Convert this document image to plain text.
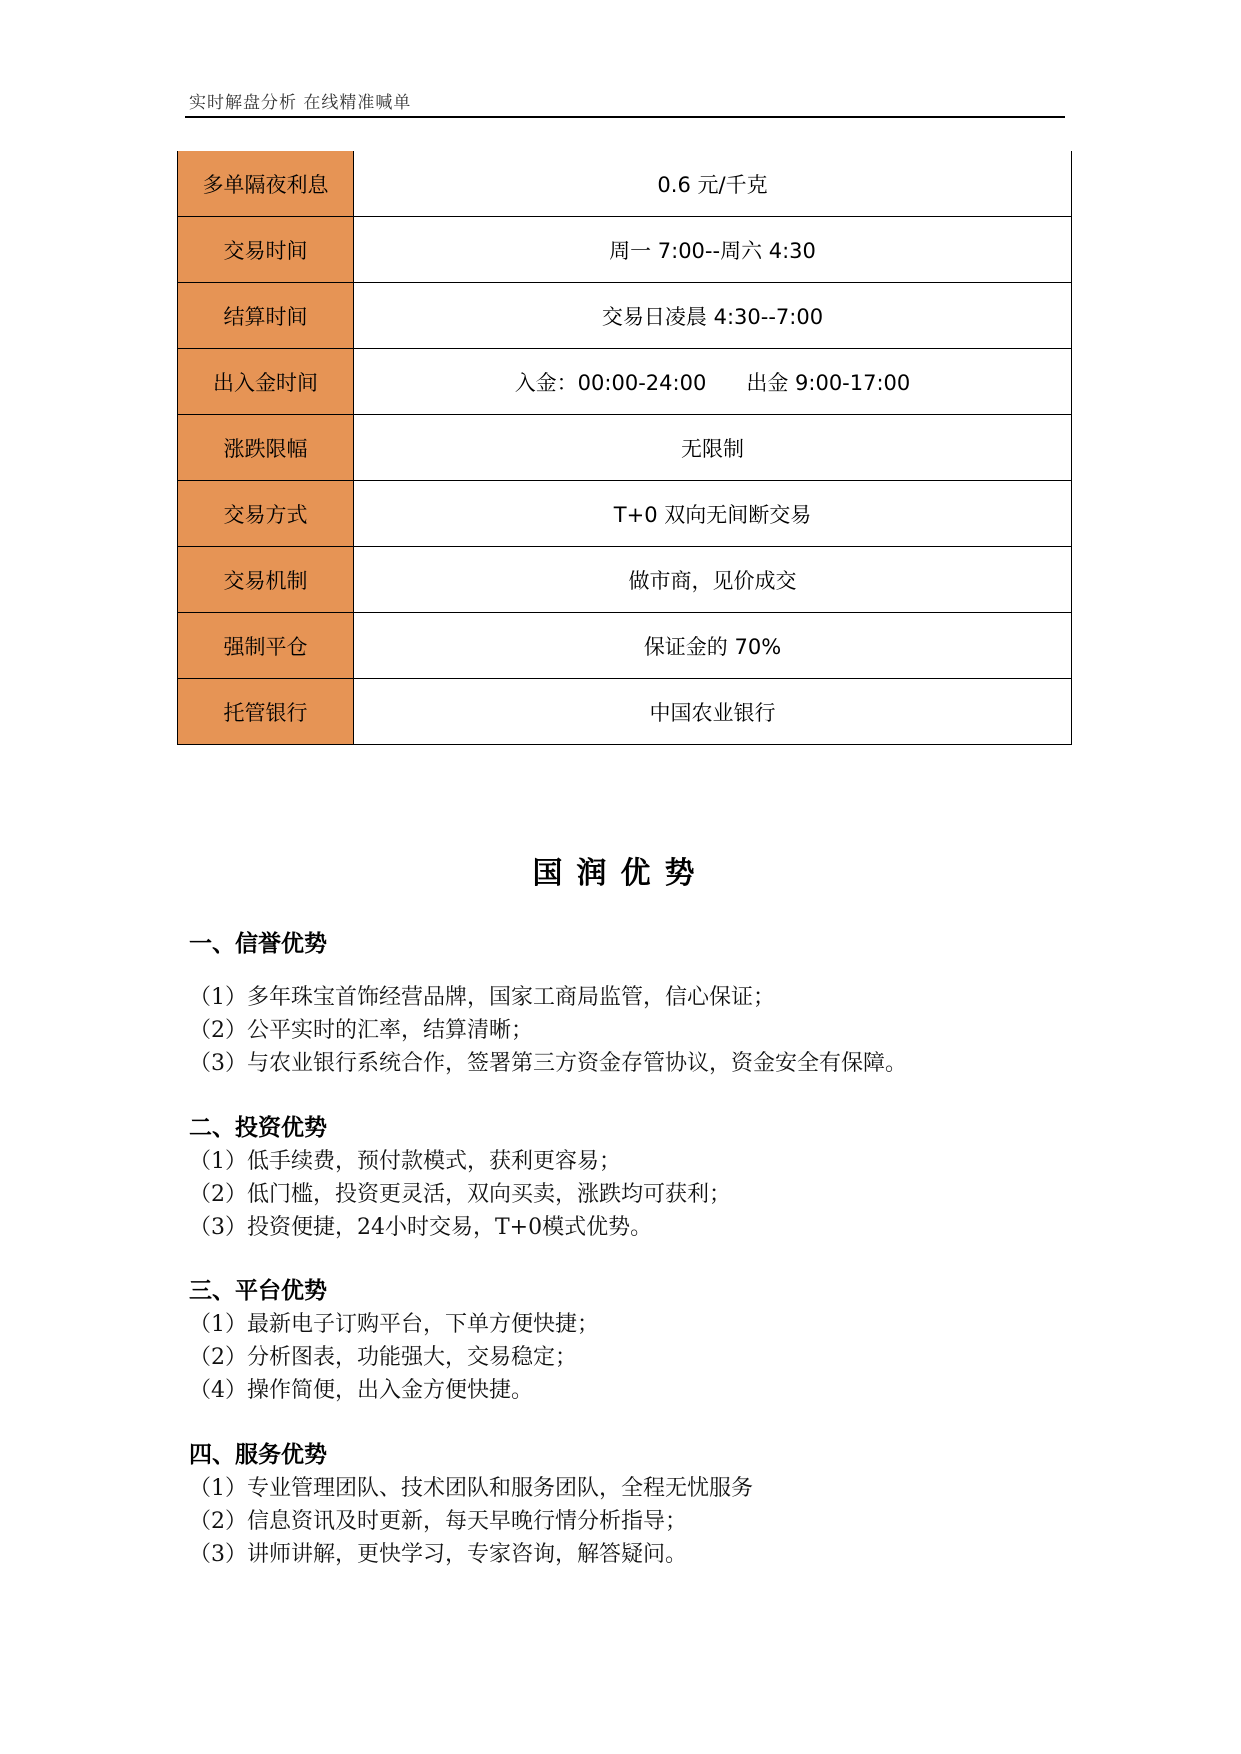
实时解盘分析 在线精准喊单
多单隔夜利息	0.6 元/千克
交易时间	周一 7:00--周六 4:30
结算时间	交易日凌晨 4:30--7:00
出入金时间	入金：00:00-24:00      出金 9:00-17:00
涨跌限幅	无限制
交易方式	T+0 双向无间断交易
交易机制	做市商，见价成交
强制平仓	保证金的 70%
托管银行	中国农业银行
国润优势
一、信誉优势
（1）多年珠宝首饰经营品牌，国家工商局监管，信心保证；
（2）公平实时的汇率，结算清晰；
（3）与农业银行系统合作，签署第三方资金存管协议，资金安全有保障。
二、投资优势
（1）低手续费，预付款模式，获利更容易；
（2）低门槛，投资更灵活，双向买卖，涨跌均可获利；
（3）投资便捷，24小时交易，T+0模式优势。
三、平台优势
（1）最新电子订购平台，下单方便快捷；
（2）分析图表，功能强大，交易稳定；
（4）操作简便，出入金方便快捷。
四、服务优势
（1）专业管理团队、技术团队和服务团队，全程无忧服务
（2）信息资讯及时更新，每天早晚行情分析指导；
（3）讲师讲解，更快学习，专家咨询，解答疑问。
